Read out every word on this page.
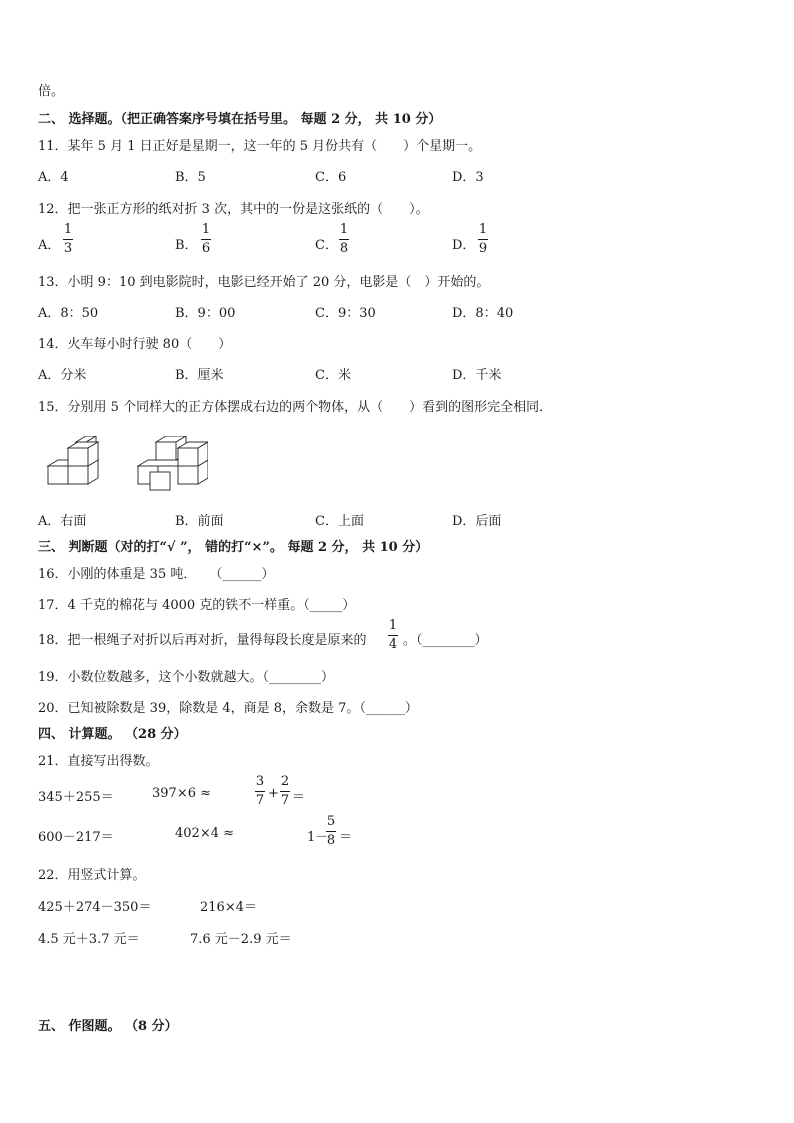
倍。
二、 选择题。（把正确答案序号填在括号里。 每题 2 分， 共 10 分）
11．某年 5 月 1 日正好是星期一，这一年的 5 月份共有（　　）个星期一。
A．4	B．5	C．6	D．3
12．把一张正方形的纸对折 3 次，其中的一份是这张纸的（　　）。
A．
1
3	B．
1
6	C．
1
8	D．
1
9
13．小明 9：10 到电影院时，电影已经开始了 20 分，电影是（　）开始的。
A．8：50	B．9：00	C．9：30	D．8：40
14．火车每小时行驶 80（　　）
A．分米	B．厘米	C．米	D．千米
15．分别用 5 个同样大的正方体摆成右边的两个物体，从（　　）看到的图形完全相同．
A．右面	B．前面	C．上面	D．后面
三、 判断题（对的打“√ ”， 错的打“×”。 每题 2 分， 共 10 分）
16．小刚的体重是 35 吨．　　（______）
17．4 千克的棉花与 4000 克的铁不一样重。（_____）
18．把一根绳子对折以后再对折，量得每段长度是原来的
1
4 。（________）
19．小数位数越多，这个小数就越大。（________）
20．已知被除数是 39，除数是 4，商是 8，余数是 7。（______）
四、 计算题。 （28 分）
21．直接写出得数。
345＋255＝	397×6 ≈
3
7 +
2
7 ＝
600－217＝	402×4 ≈	1－
5
8 ＝
22．用竖式计算。
425＋274－350＝	216×4＝
4.5 元＋3.7 元＝	7.6 元－2.9 元＝
五、 作图题。 （8 分）
